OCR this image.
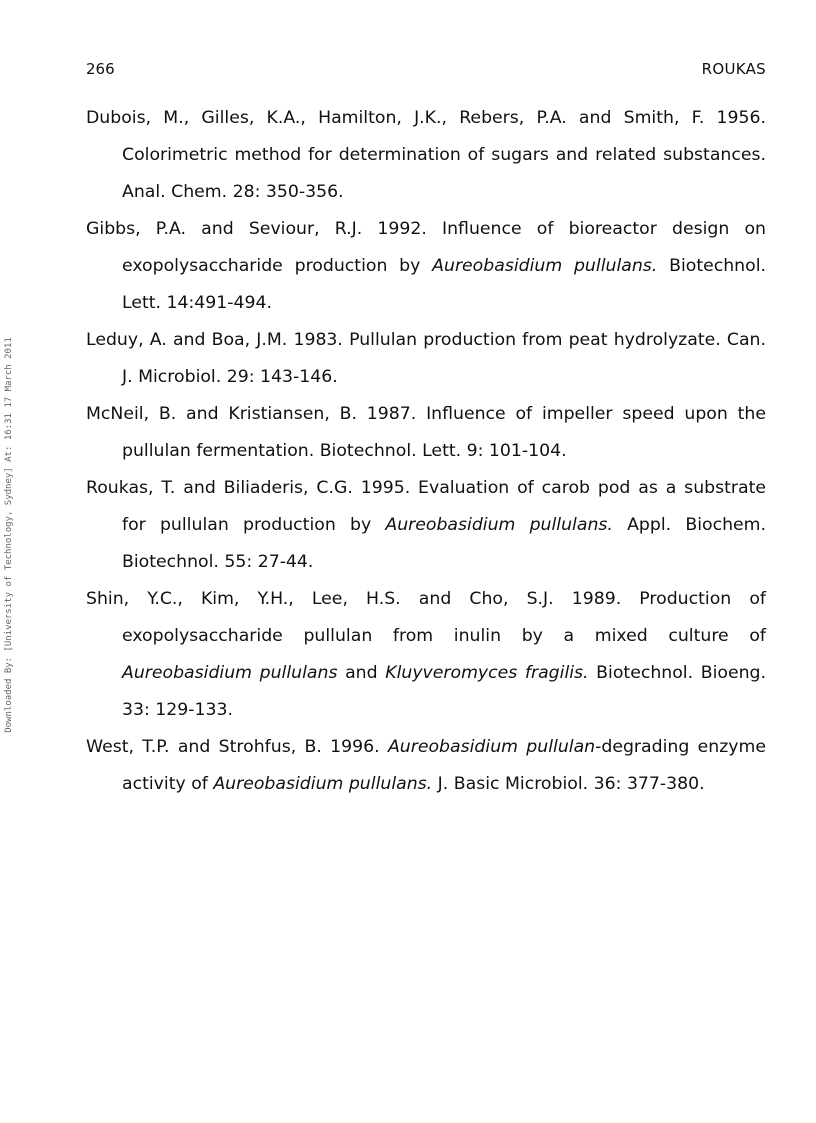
266	ROUKAS
Downloaded By: [University of Technology, Sydney] At: 16:31 17 March 2011
Dubois, M., Gilles, K.A., Hamilton, J.K., Rebers, P.A. and Smith, F. 1956. Colorimetric method for determination of sugars and related substances. Anal. Chem. 28: 350-356.
Gibbs, P.A. and Seviour, R.J. 1992. Influence of bioreactor design on exopolysaccharide production by Aureobasidium pullulans. Biotechnol. Lett. 14:491-494.
Leduy, A. and Boa, J.M. 1983. Pullulan production from peat hydrolyzate. Can. J. Microbiol. 29: 143-146.
McNeil, B. and Kristiansen, B. 1987. Influence of impeller speed upon the pullulan fermentation. Biotechnol. Lett. 9: 101-104.
Roukas, T. and Biliaderis, C.G. 1995. Evaluation of carob pod as a substrate for pullulan production by Aureobasidium pullulans. Appl. Biochem. Biotechnol. 55: 27-44.
Shin, Y.C., Kim, Y.H., Lee, H.S. and Cho, S.J. 1989. Production of exopolysaccharide pullulan from inulin by a mixed culture of Aureobasidium pullulans and Kluyveromyces fragilis. Biotechnol. Bioeng. 33: 129-133.
West, T.P. and Strohfus, B. 1996. Aureobasidium pullulan-degrading enzyme activity of Aureobasidium pullulans. J. Basic Microbiol. 36: 377-380.
